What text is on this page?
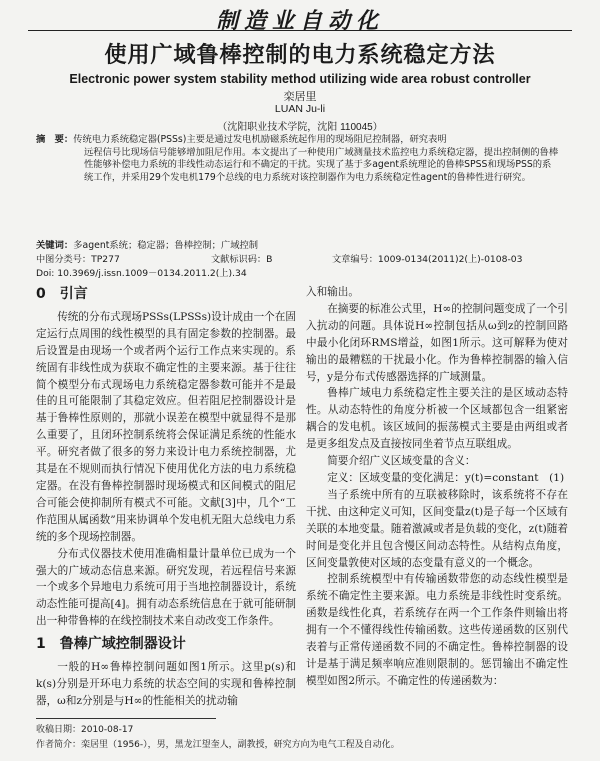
制造业自动化
使用广域鲁棒控制的电力系统稳定方法
Electronic power system stability method utilizing wide area robust controller
栾居里
LUAN Ju-li
（沈阳职业技术学院，沈阳 110045）
摘　要：传统电力系统稳定器(PSSs)主要是通过发电机励磁系统起作用的现场阻尼控制器，研究表明
远程信号比现场信号能够增加阻尼作用。本文提出了一种使用广域测量技术监控电力系统稳定器，提出控制侧的鲁棒性能够补偿电力系统的非线性动态运行和不确定的干扰。实现了基于多agent系统理论的鲁棒SPSS和现场PSS的系统工作，并采用29个发电机179个总线的电力系统对该控制器作为电力系统稳定性agent的鲁棒性进行研究。
关键词：多agent系统；稳定器；鲁棒控制；广域控制
中图分类号：TP277	文献标识码：B	文章编号：1009-0134(2011)2(上)-0108-03
Doi: 10.3969/j.issn.1009－0134.2011.2(上).34
0　引言

传统的分布式现场PSSs(LPSSs)设计成由一个在固定运行点周围的线性模型的具有固定参数的控制器。最后设置是由现场一个或者两个运行工作点来实现的。系统固有非线性成为获取不确定性的主要来源。基于往往简个模型分布式现场电力系统稳定器参数可能并不是最佳的且可能限制了其稳定效应。但若阻尼控制器设计是基于鲁棒性原则的，那就小误差在模型中就显得不是那么重要了，且闭环控制系统将会保证满足系统的性能水平。研究者做了很多的努力来设计电力系统控制器，尤其是在不规则而执行情况下使用优化方法的电力系统稳定器。在没有鲁棒控制器时现场模式和区间模式的阻尼合可能会使抑制所有模式不可能。文献[3]中，几个“工作范围从属函数”用来协调单个发电机无阻大总线电力系统的多个现场控制器。

分布式仪器技术使用准确相量计量单位已成为一个强大的广域动态信息来源。研究发现，若远程信号来源一个或多个异地电力系统可用于当地控制器设计，系统动态性能可提高[4]。拥有动态系统信息在于就可能研制出一种带鲁棒的在线控制技术来自动改变工作条件。

1　鲁棒广域控制器设计

一般的H∞鲁棒控制问题如图1所示。这里p(s)和k(s)分别是开环电力系统的状态空间的实现和鲁棒控制器，ω和z分别是与H∞的性能相关的扰动输

入和输出。

在摘要的标准公式里，H∞的控制问题变成了一个引入抗动的问题。具体说H∞控制包括从ω到z的控制回路中最小化闭环RMS增益，如图1所示。这可解释为使对输出的最糟糕的干扰最小化。作为鲁棒控制器的输入信号，y是分布式传感器选择的广域测量。

鲁棒广域电力系统稳定性主要关注的是区域动态特性。从动态特性的角度分析被一个区域都包含一组紧密耦合的发电机。该区域间的振荡模式主要是由两组或者是更多组发点及直接按同坐着节点互联组成。

简要介绍广义区域变量的含义：

定义：区域变量的变化满足：y(t)=constant　(1)

当子系统中所有的互联被移除时，该系统将不存在干扰、由这种定义可知，区间变量z(t)是子每一个区域有关联的本地变量。随着激减或者是负载的变化，z(t)随着时间是变化并且包含慢区间动态特性。从结构点角度，区间变量敦使对区域的态变量有意义的一个概念。

控制系统模型中有传输函数带您的动态线性模型是系统不确定性主要来源。电力系统是非线性时变系统。函数是线性化真，若系统存在两一个工作条件则输出将拥有一个不懂得线性传输函数。这些传递函数的区别代表着与正常传递函数不同的不确定性。鲁棒控制器的设计是基于满足频率响应准则限制的。惩罚输出不确定性模型如图2所示。不确定性的传递函数为：

收稿日期：2010-08-17
作者简介：栾居里（1956-），男，黑龙江望奎人，副教授，研究方向为电气工程及自动化。
